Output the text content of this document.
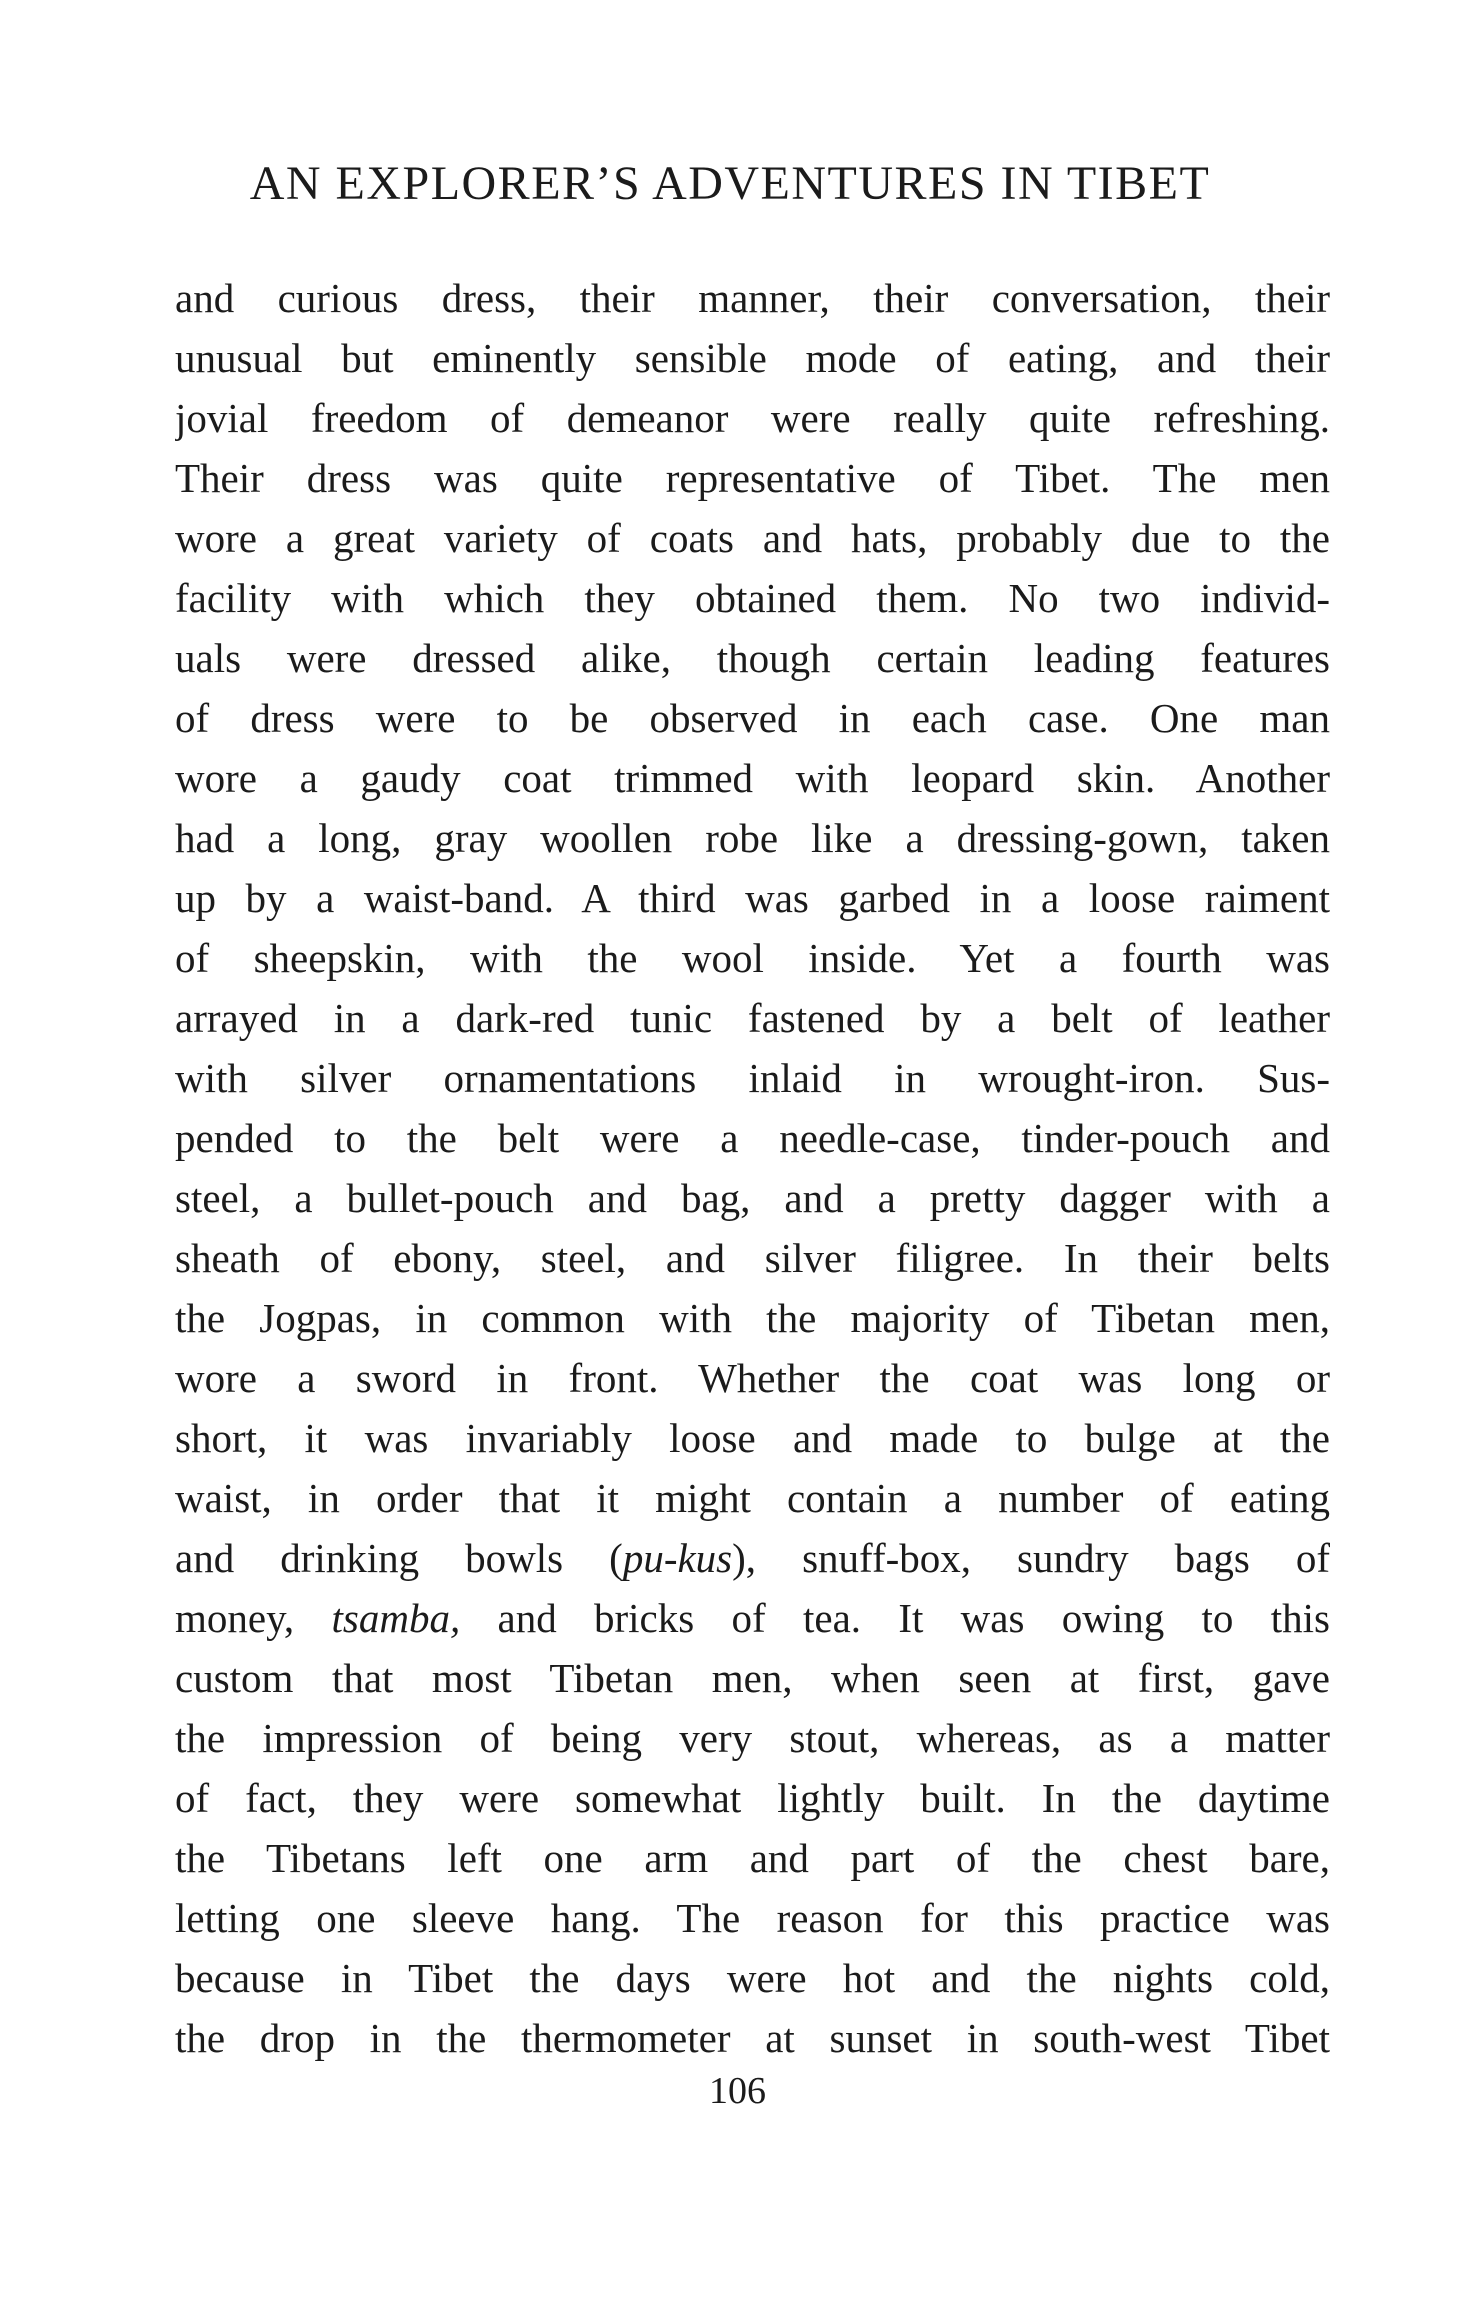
AN EXPLORER’S ADVENTURES IN TIBET
and curious dress, their manner, their conversation, their
unusual but eminently sensible mode of eating, and their
jovial freedom of demeanor were really quite refreshing.
Their dress was quite representative of Tibet. The men
wore a great variety of coats and hats, probably due to the
facility with which they obtained them. No two individ-
uals were dressed alike, though certain leading features
of dress were to be observed in each case. One man
wore a gaudy coat trimmed with leopard skin. Another
had a long, gray woollen robe like a dressing-gown, taken
up by a waist-band. A third was garbed in a loose raiment
of sheepskin, with the wool inside. Yet a fourth was
arrayed in a dark-red tunic fastened by a belt of leather
with silver ornamentations inlaid in wrought-iron. Sus-
pended to the belt were a needle-case, tinder-pouch and
steel, a bullet-pouch and bag, and a pretty dagger with a
sheath of ebony, steel, and silver filigree. In their belts
the Jogpas, in common with the majority of Tibetan men,
wore a sword in front. Whether the coat was long or
short, it was invariably loose and made to bulge at the
waist, in order that it might contain a number of eating
and drinking bowls (pu-kus), snuff-box, sundry bags of
money, tsamba, and bricks of tea. It was owing to this
custom that most Tibetan men, when seen at first, gave
the impression of being very stout, whereas, as a matter
of fact, they were somewhat lightly built. In the daytime
the Tibetans left one arm and part of the chest bare,
letting one sleeve hang. The reason for this practice was
because in Tibet the days were hot and the nights cold,
the drop in the thermometer at sunset in south-west Tibet
106
